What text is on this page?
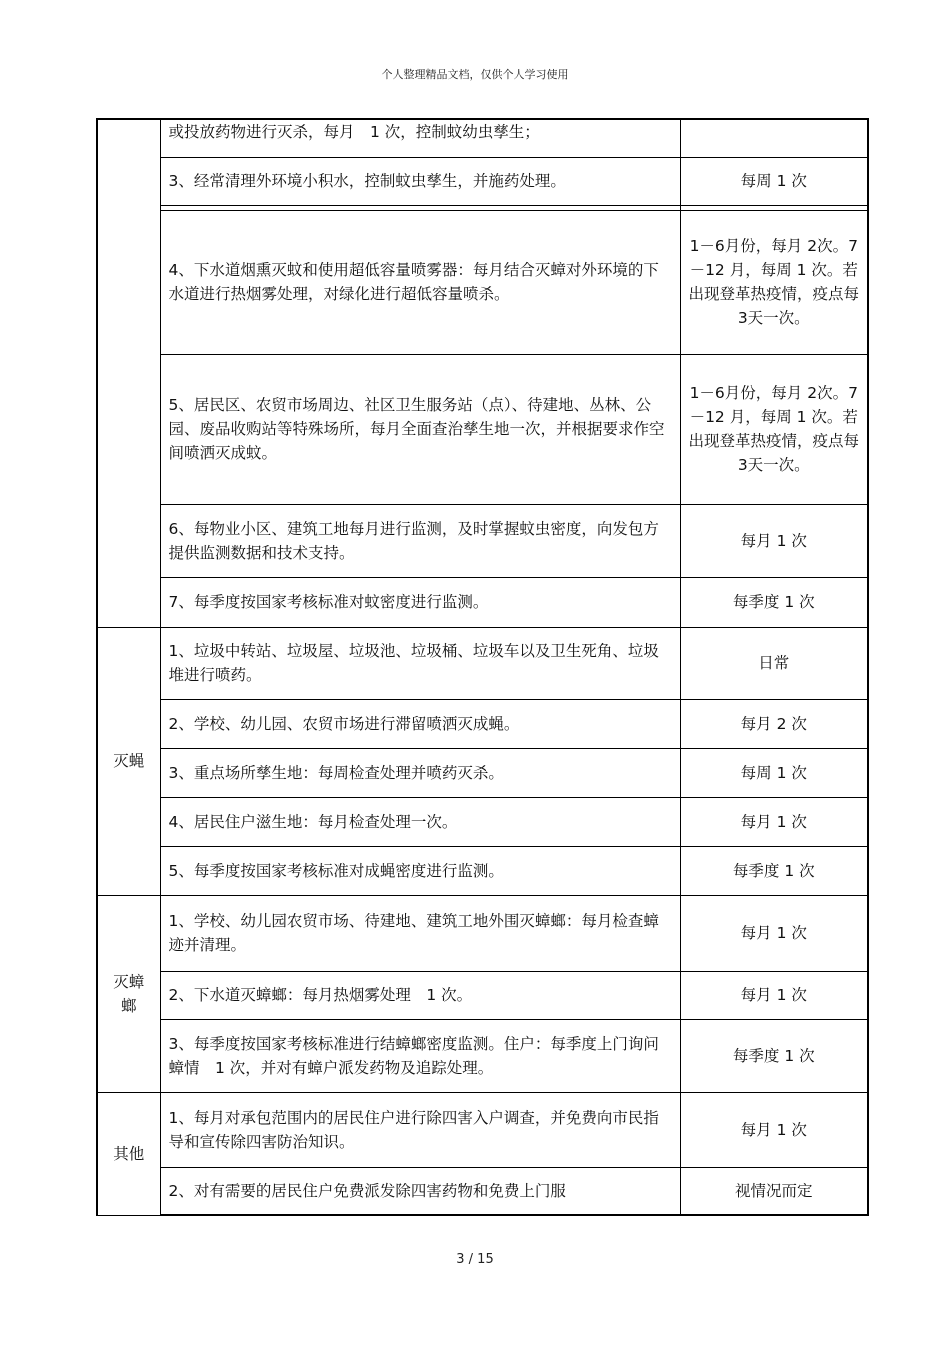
个人整理精品文档，仅供个人学习使用
	或投放药物进行灭杀，每月　1 次，控制蚊幼虫孳生；	
	3、经常清理外环境小积水，控制蚊虫孳生，并施药处理。	每周 1 次

	4、下水道烟熏灭蚊和使用超低容量喷雾器：每月结合灭蟑对外环境的下水道进行热烟雾处理，对绿化进行超低容量喷杀。	1－6月份，每月 2次。7－12 月，每周 1 次。若出现登革热疫情，疫点每 3天一次。
	5、居民区、农贸市场周边、社区卫生服务站（点）、待建地、丛林、公园、废品收购站等特殊场所，每月全面查治孳生地一次，并根据要求作空间喷洒灭成蚊。	1－6月份，每月 2次。7－12 月，每周 1 次。若出现登革热疫情，疫点每 3天一次。
	6、每物业小区、建筑工地每月进行监测，及时掌握蚊虫密度，向发包方提供监测数据和技术支持。	每月 1 次
	7、每季度按国家考核标准对蚊密度进行监测。	每季度 1 次
灭蝇	1、垃圾中转站、垃圾屋、垃圾池、垃圾桶、垃圾车以及卫生死角、垃圾堆进行喷药。	日常
	2、学校、幼儿园、农贸市场进行滞留喷洒灭成蝇。	每月 2 次
	3、重点场所孳生地：每周检查处理并喷药灭杀。	每周 1 次
	4、居民住户滋生地：每月检查处理一次。	每月 1 次
	5、每季度按国家考核标准对成蝇密度进行监测。	每季度 1 次
灭蟑螂	1、学校、幼儿园农贸市场、待建地、建筑工地外围灭蟑螂：每月检查蟑迹并清理。	每月 1 次
	2、下水道灭蟑螂：每月热烟雾处理　1 次。	每月 1 次
	3、每季度按国家考核标准进行结蟑螂密度监测。住户：每季度上门询问蟑情　1 次，并对有蟑户派发药物及追踪处理。	每季度 1 次
其他	1、每月对承包范围内的居民住户进行除四害入户调查，并免费向市民指导和宣传除四害防治知识。	每月 1 次
	2、对有需要的居民住户免费派发除四害药物和免费上门服	视情况而定
3 / 15
